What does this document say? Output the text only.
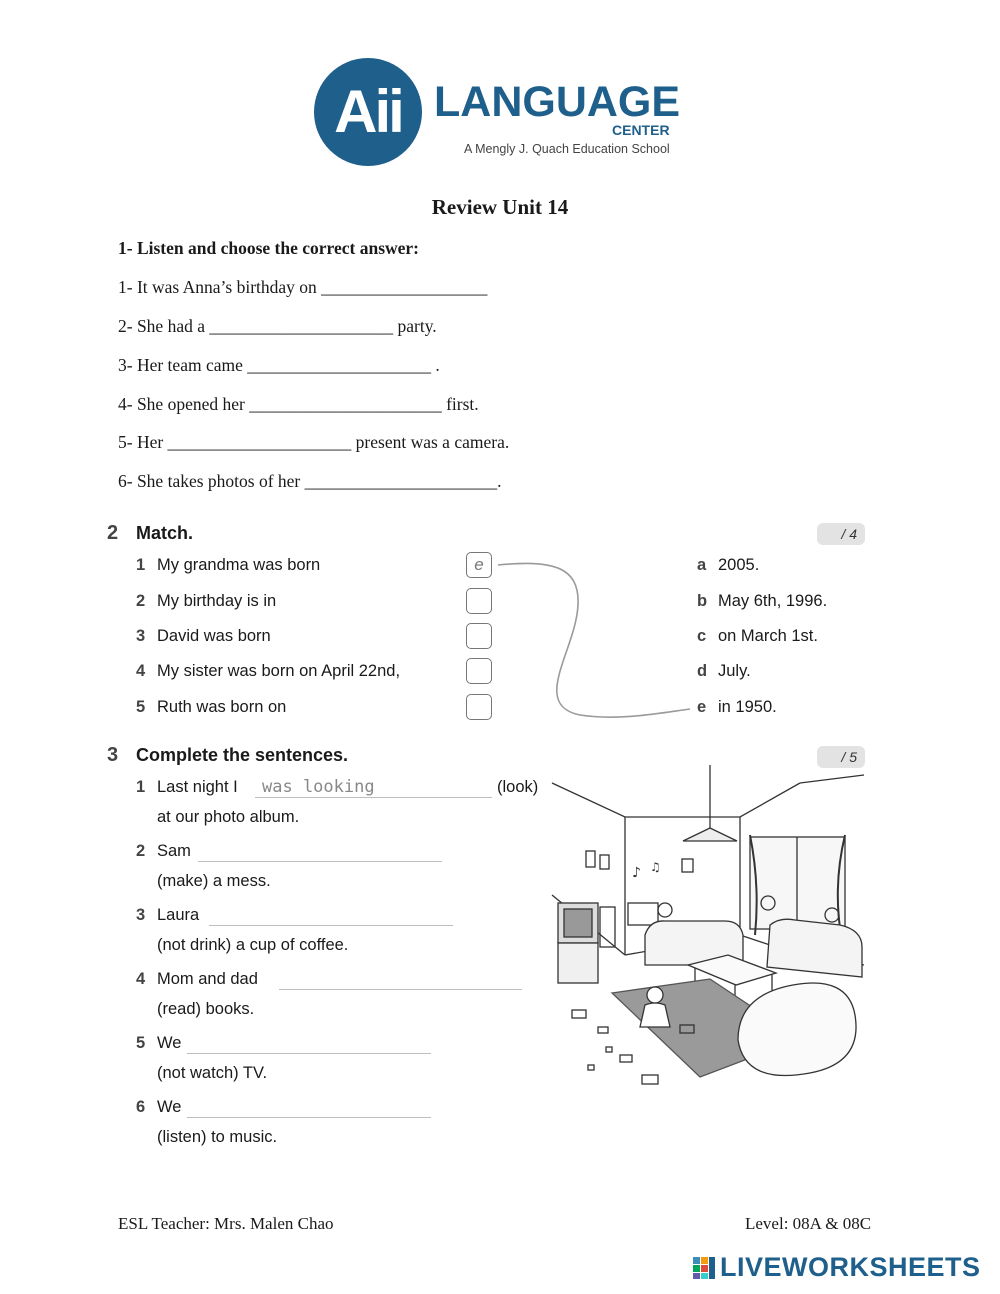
Aii LANGUAGE
CENTER
A Mengly J. Quach Education School
Review Unit 14
1- Listen and choose the correct answer:
1- It was Anna’s birthday on ___________________
2- She had a _____________________ party.
3- Her team came _____________________ .
4- She opened her ______________________ first.
5- Her _____________________ present was a camera.
6- She takes photos of her ______________________.
2 Match.	/ 4
1 My grandma was born	e
2 My birthday is in
3 David was born
4 My sister was born on April 22nd,
5 Ruth was born on
a 2005.
b May 6th, 1996.
c on March 1st.
d July.
e in 1950.
3 Complete the sentences.	/ 5
1 Last night I was looking	(look)
at our photo album.
2 Sam
(make) a mess.
3 Laura
(not drink) a cup of coffee.
4 Mom and dad
(read) books.
5 We
(not watch) TV.
6 We
(listen) to music.
♪ ♫
ESL Teacher: Mrs. Malen Chao	Level: 08A & 08C
LIVEWORKSHEETS
